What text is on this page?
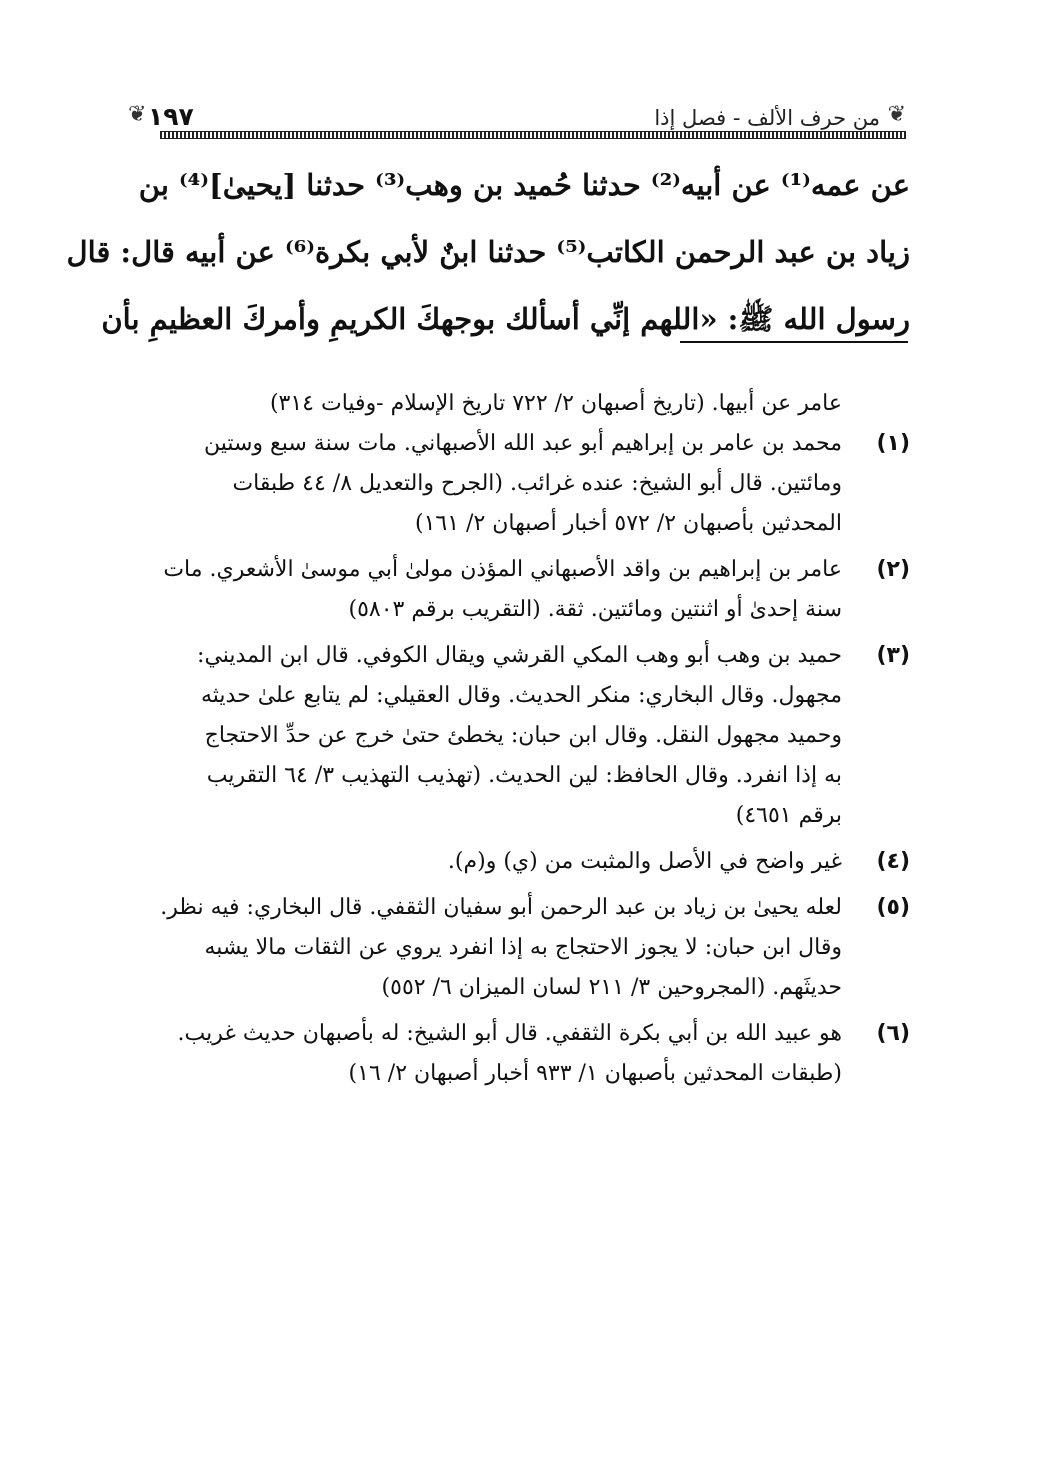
❦
من حرف الألف - فصل إذا
١٩٧
❦
عن عمه⁽¹⁾ عن أبيه⁽²⁾ حدثنا حُميد بن وهب⁽³⁾ حدثنا [يحيىٰ]⁽⁴⁾ بن
زياد بن عبد الرحمن الكاتب⁽⁵⁾ حدثنا ابنٌ لأبي بكرة⁽⁶⁾ عن أبيه قال: قال
رسول الله ﷺ: «اللهم إنِّي أسألك بوجهكَ الكريمِ وأمركَ العظيمِ بأن
عامر عن أبيها. (تاريخ أصبهان ٢/ ٧٢٢ تاريخ الإسلام -وفيات ٣١٤)
(١)
محمد بن عامر بن إبراهيم أبو عبد الله الأصبهاني. مات سنة سبع وستين
ومائتين. قال أبو الشيخ: عنده غرائب. (الجرح والتعديل ٨/ ٤٤ طبقات
المحدثين بأصبهان ٢/ ٥٧٢ أخبار أصبهان ٢/ ١٦١)
(٢)
عامر بن إبراهيم بن واقد الأصبهاني المؤذن مولىٰ أبي موسىٰ الأشعري. مات
سنة إحدىٰ أو اثنتين ومائتين. ثقة. (التقريب برقم ٥٨٠٣)
(٣)
حميد بن وهب أبو وهب المكي القرشي ويقال الكوفي. قال ابن المديني:
مجهول. وقال البخاري: منكر الحديث. وقال العقيلي: لم يتابع علىٰ حديثه
وحميد مجهول النقل. وقال ابن حبان: يخطئ حتىٰ خرج عن حدِّ الاحتجاج
به إذا انفرد. وقال الحافظ: لين الحديث. (تهذيب التهذيب ٣/ ٦٤ التقريب
برقم ٤٦٥١)
(٤)
غير واضح في الأصل والمثبت من (ي) و(م).
(٥)
لعله يحيىٰ بن زياد بن عبد الرحمن أبو سفيان الثقفي. قال البخاري: فيه نظر.
وقال ابن حبان: لا يجوز الاحتجاج به إذا انفرد يروي عن الثقات مالا يشبه
حديثَهم. (المجروحين ٣/ ٢١١ لسان الميزان ٦/ ٥٥٢)
(٦)
هو عبيد الله بن أبي بكرة الثقفي. قال أبو الشيخ: له بأصبهان حديث غريب.
(طبقات المحدثين بأصبهان ١/ ٩٣٣ أخبار أصبهان ٢/ ١٦)
